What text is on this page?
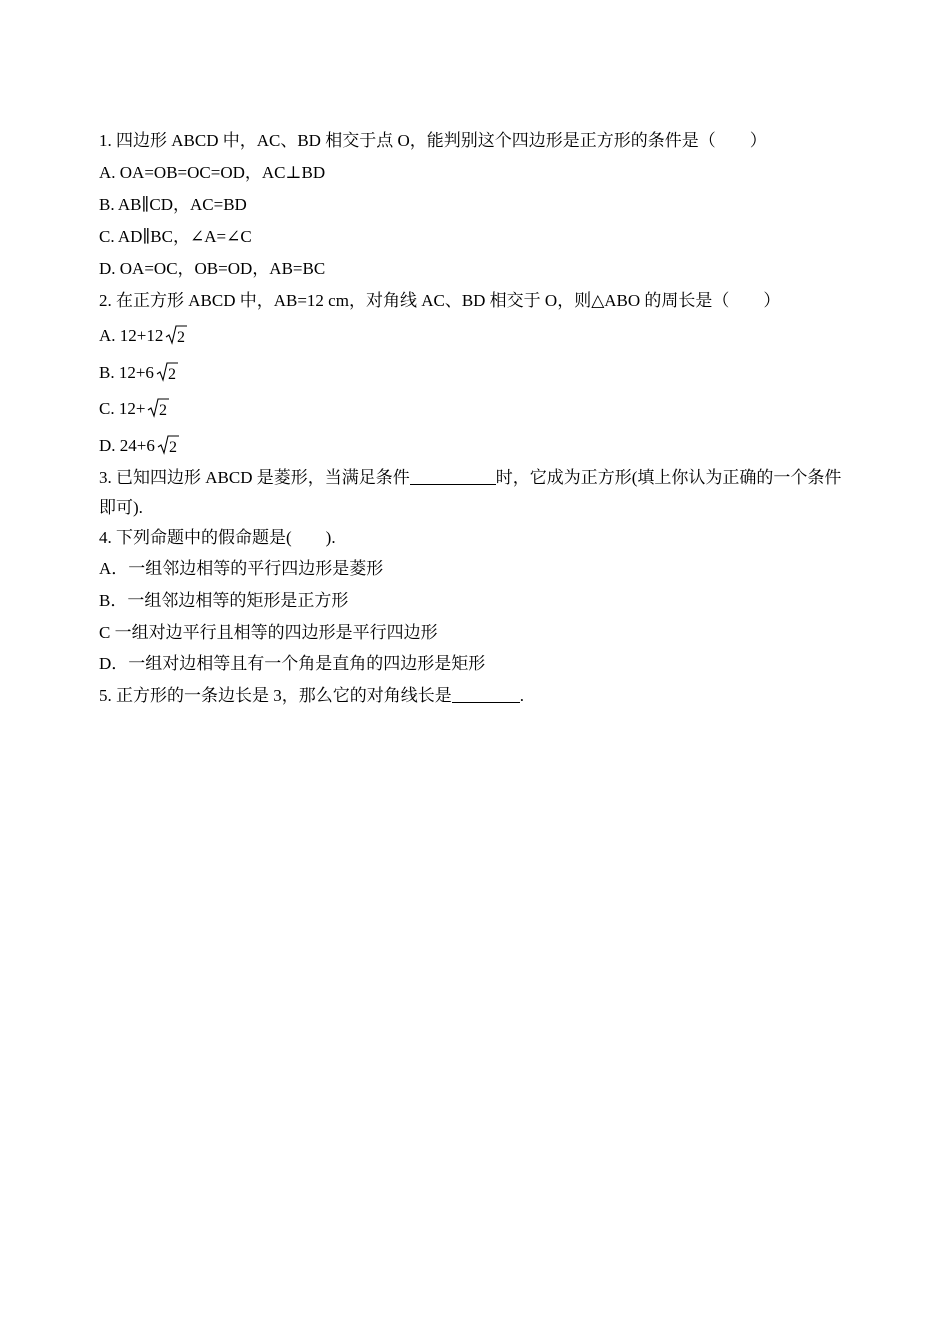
1. 四边形 ABCD 中，AC、BD 相交于点 O，能判别这个四边形是正方形的条件是（　　）
A. OA=OB=OC=OD，AC⊥BD
B. AB∥CD，AC=BD
C. AD∥BC，∠A=∠C
D. OA=OC，OB=OD，AB=BC
2. 在正方形 ABCD 中，AB=12 cm，对角线 AC、BD 相交于 O，则△ABO 的周长是（　　）
A. 12+12 2
B. 12+6 2
C. 12+ 2
D. 24+6 2
3. 已知四边形 ABCD 是菱形，当满足条件	时，它成为正方形(填上你认为正确的一个条件即可).
4. 下列命题中的假命题是(　　).
A．一组邻边相等的平行四边形是菱形
B．一组邻边相等的矩形是正方形
C 一组对边平行且相等的四边形是平行四边形
D．一组对边相等且有一个角是直角的四边形是矩形
5. 正方形的一条边长是 3，那么它的对角线长是	.
